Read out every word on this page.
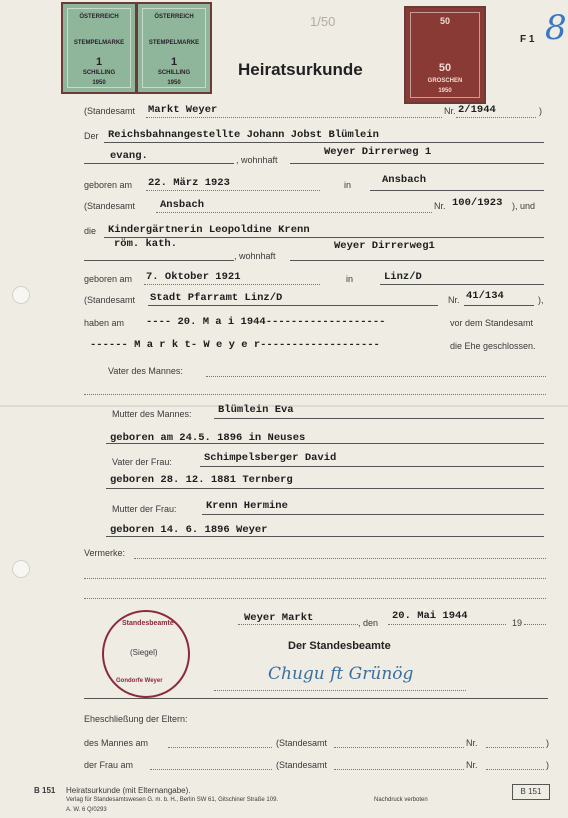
ÖSTERREICH
STEMPELMARKE
1
SCHILLING
1950
ÖSTERREICH
STEMPELMARKE
1
SCHILLING
1950
50
50
GROSCHEN
1950
1/50
F 1 8
Heiratsurkunde
(Standesamt Markt Weyer	Nr. 2/1944	)
Der Reichsbahnangestellte Johann Jobst Blümlein
evang.	, wohnhaft
Weyer Dirrerweg 1
geboren am 22. März 1923	in	Ansbach
(Standesamt Ansbach	Nr. 100/1923 ), und
die Kindergärtnerin Leopoldine Krenn
röm. kath.
, wohnhaft
Weyer Dirrerweg1
geboren am 7. Oktober 1921	in	Linz/D
(Standesamt Stadt Pfarramt Linz/D	Nr. 41/134	),
haben am ---- 20. M a i 1944-------------------	vor dem Standesamt
------ M a r k t- W e y e r-------------------	die Ehe geschlossen.
Vater des Mannes:
Mutter des Mannes:	Blümlein Eva
geboren am 24.5. 1896 in Neuses
Vater der Frau:	Schimpelsberger David
geboren 28. 12. 1881 Ternberg
Mutter der Frau:	Krenn Hermine
geboren 14. 6. 1896 Weyer
Vermerke:
Weyer Markt	, den
20. Mai 1944
19
Standesbeamte
(Siegel)
Gondorfe Weyer
Der Standesbeamte
Chugu ft Grünög
Eheschließung der Eltern:
des Mannes am	(Standesamt	Nr.	)
der Frau am	(Standesamt	Nr.	)
B 151 Heiratsurkunde (mit Elternangabe).
Verlag für Standesamtswesen G. m. b. H., Berlin SW 61, Gitschiner Straße 109.	Nachdruck verboten
A. W. 6 Q/0293
B 151
